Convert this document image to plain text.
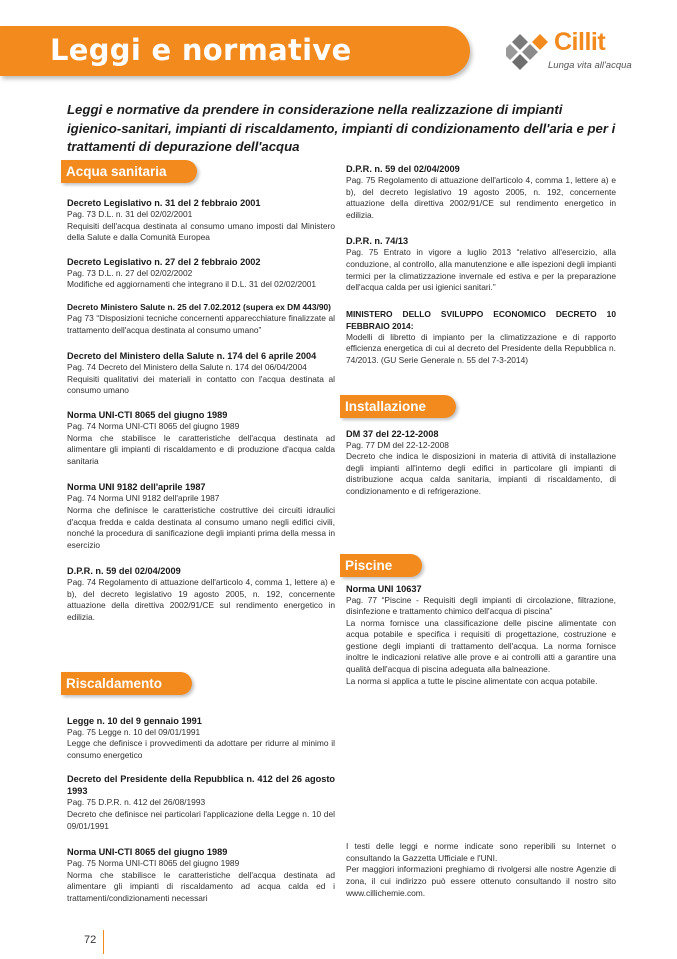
Leggi e normative	Cillit
Lunga vita all'acqua
Leggi e normative da prendere in considerazione nella realizzazione di impianti igienico-sanitari, impianti di riscaldamento, impianti di condizionamento dell'aria e per i trattamenti di depurazione dell'acqua
Acqua sanitaria
Decreto Legislativo n. 31 del 2 febbraio 2001
Pag. 73 D.L. n. 31 del 02/02/2001
Requisiti dell'acqua destinata al consumo umano imposti dal Ministero della Salute e dalla Comunità Europea
Decreto Legislativo n. 27 del 2 febbraio 2002
Pag. 73 D.L. n. 27 del 02/02/2002
Modifiche ed aggiornamenti che integrano il D.L. 31 del 02/02/2001
Decreto Ministero Salute n. 25 del 7.02.2012 (supera ex DM 443/90)
Pag 73 “Disposizioni tecniche concernenti apparecchiature finalizzate al trattamento dell'acqua destinata al consumo umano”
Decreto del Ministero della Salute n. 174 del 6 aprile 2004
Pag. 74 Decreto del Ministero della Salute n. 174 del 06/04/2004
Requisiti qualitativi dei materiali in contatto con l'acqua destinata al consumo umano
Norma UNI-CTI 8065 del giugno 1989
Pag. 74 Norma UNI-CTI 8065 del giugno 1989
Norma che stabilisce le caratteristiche dell'acqua destinata ad alimentare gli impianti di riscaldamento e di produzione d'acqua calda sanitaria
Norma UNI 9182 dell'aprile 1987
Pag. 74 Norma UNI 9182 dell'aprile 1987
Norma che definisce le caratteristiche costruttive dei circuiti idraulici d'acqua fredda e calda destinata al consumo umano negli edifici civili, nonché la procedura di sanificazione degli impianti prima della messa in esercizio
D.P.R. n. 59 del 02/04/2009
Pag. 74 Regolamento di attuazione dell'articolo 4, comma 1, lettere a) e b), del decreto legislativo 19 agosto 2005, n. 192, concernente attuazione della direttiva 2002/91/CE sul rendimento energetico in edilizia.
Riscaldamento
Legge n. 10 del 9 gennaio 1991
Pag. 75 Legge n. 10 del 09/01/1991
Legge che definisce i provvedimenti da adottare per ridurre al minimo il consumo energetico
Decreto del Presidente della Repubblica n. 412 del 26 agosto 1993
Pag. 75 D.P.R. n. 412 del 26/08/1993
Decreto che definisce nei particolari l'applicazione della Legge n. 10 del 09/01/1991
Norma UNI-CTI 8065 del giugno 1989
Pag. 75 Norma UNI-CTI 8065 del giugno 1989
Norma che stabilisce le caratteristiche dell'acqua destinata ad alimentare gli impianti di riscaldamento ad acqua calda ed i trattamenti/condizionamenti necessari
D.P.R. n. 59 del 02/04/2009
Pag. 75 Regolamento di attuazione dell'articolo 4, comma 1, lettere a) e b), del decreto legislativo 19 agosto 2005, n. 192, concernente attuazione della direttiva 2002/91/CE sul rendimento energetico in edilizia.
D.P.R. n. 74/13
Pag. 75 Entrato in vigore a luglio 2013 “relativo all'esercizio, alla conduzione, al controllo, alla manutenzione e alle ispezioni degli impianti termici per la climatizzazione invernale ed estiva e per la preparazione dell'acqua calda per usi igienici sanitari.”
MINISTERO DELLO SVILUPPO ECONOMICO DECRETO 10 FEBBRAIO 2014:
Modelli di libretto di impianto per la climatizzazione e di rapporto efficienza energetica di cui al decreto del Presidente della Repubblica n. 74/2013. (GU Serie Generale n. 55 del 7-3-2014)
Installazione
DM 37 del 22-12-2008
Pag. 77 DM del 22-12-2008
Decreto che indica le disposizioni in materia di attività di installazione degli impianti all'interno degli edifici in particolare gli impianti di distribuzione acqua calda sanitaria, impianti di riscaldamento, di condizionamento e di refrigerazione.
Piscine
Norma UNI 10637
Pag. 77 “Piscine - Requisiti degli impianti di circolazione, filtrazione, disinfezione e trattamento chimico dell'acqua di piscina”
La norma fornisce una classificazione delle piscine alimentate con acqua potabile e specifica i requisiti di progettazione, costruzione e gestione degli impianti di trattamento dell'acqua. La norma fornisce inoltre le indicazioni relative alle prove e ai controlli atti a garantire una qualità dell'acqua di piscina adeguata alla balneazione.
La norma si applica a tutte le piscine alimentate con acqua potabile.
I testi delle leggi e norme indicate sono reperibili su Internet o consultando la Gazzetta Ufficiale e l'UNI.
Per maggiori informazioni preghiamo di rivolgersi alle nostre Agenzie di zona, il cui indirizzo può essere ottenuto consultando il nostro sito www.cillichemie.com.
72
